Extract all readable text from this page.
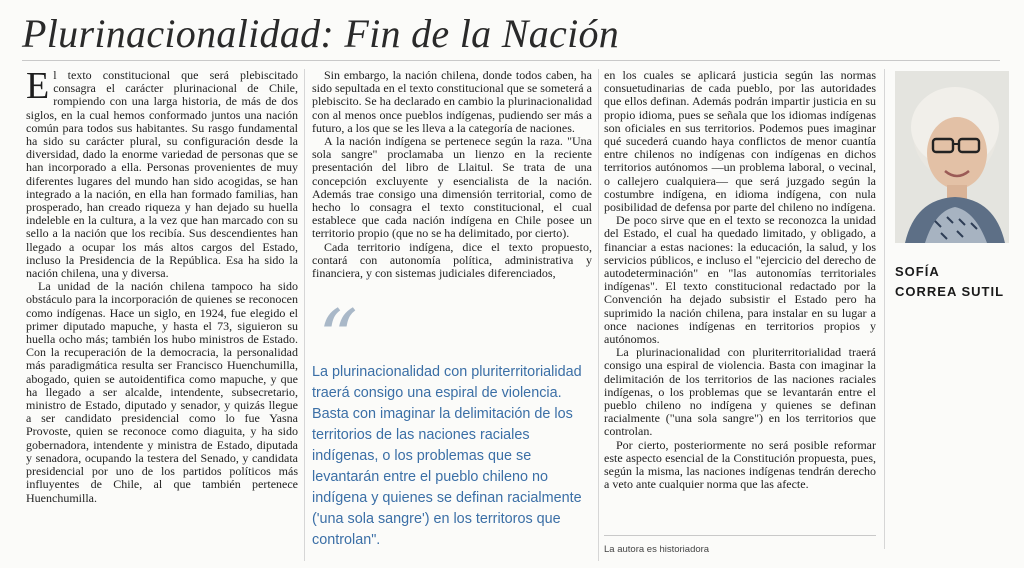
Plurinacionalidad: Fin de la Nación

El texto constitucional que será plebiscitado consagra el carácter plurinacional de Chile, rompiendo con una larga historia, de más de dos siglos, en la cual hemos conformado juntos una nación común para todos sus habitantes. Su rasgo fundamental ha sido su carácter plural, su configuración desde la diversidad, dado la enorme variedad de personas que se han incorporado a ella. Personas provenientes de muy diferentes lugares del mundo han sido acogidas, se han integrado a la nación, en ella han formado familias, han prosperado, han creado riqueza y han dejado su huella indeleble en la cultura, a la vez que han marcado con su sello a la nación que los recibía. Sus descendientes han llegado a ocupar los más altos cargos del Estado, incluso la Presidencia de la República. Esa ha sido la nación chilena, una y diversa.

La unidad de la nación chilena tampoco ha sido obstáculo para la incorporación de quienes se reconocen como indígenas. Hace un siglo, en 1924, fue elegido el primer diputado mapuche, y hasta el 73, siguieron su huella ocho más; también los hubo ministros de Estado. Con la recuperación de la democracia, la personalidad más paradigmática resulta ser Francisco Huenchumilla, abogado, quien se autoidentifica como mapuche, y que ha llegado a ser alcalde, intendente, subsecretario, ministro de Estado, diputado y senador, y quizás llegue a ser candidato presidencial como lo fue Yasna Provoste, quien se reconoce como diaguita, y ha sido gobernadora, intendente y ministra de Estado, diputada y senadora, ocupando la testera del Senado, y candidata presidencial por uno de los partidos políticos más influyentes de Chile, al que también pertenece Huenchumilla.

Sin embargo, la nación chilena, donde todos caben, ha sido sepultada en el texto constitucional que se someterá a plebiscito. Se ha declarado en cambio la plurinacionalidad con al menos once pueblos indígenas, pudiendo ser más a futuro, a los que se les lleva a la categoría de naciones.

A la nación indígena se pertenece según la raza. "Una sola sangre" proclamaba un lienzo en la reciente presentación del libro de Llaitul. Se trata de una concepción excluyente y esencialista de la nación. Además trae consigo una dimensión territorial, como de hecho lo consagra el texto constitucional, el cual establece que cada nación indígena en Chile posee un territorio propio (que no se ha delimitado, por cierto).

Cada territorio indígena, dice el texto propuesto, contará con autonomía política, administrativa y financiera, y con sistemas judiciales diferenciados,

“
La plurinacionalidad con pluriterritorialidad traerá consigo una espiral de violencia. Basta con imaginar la delimitación de los territorios de las naciones raciales indígenas, o los problemas que se levantarán entre el pueblo chileno no indígena y quienes se definan racialmente ('una sola sangre') en los territoros que controlan".

en los cuales se aplicará justicia según las normas consuetudinarias de cada pueblo, por las autoridades que ellos definan. Además podrán impartir justicia en su propio idioma, pues se señala que los idiomas indígenas son oficiales en sus territorios. Podemos pues imaginar qué sucederá cuando haya conflictos de menor cuantía entre chilenos no indígenas con indígenas en dichos territorios autónomos —un problema laboral, o vecinal, o callejero cualquiera— que será juzgado según la costumbre indígena, en idioma indígena, con nula posibilidad de defensa por parte del chileno no indígena.

De poco sirve que en el texto se reconozca la unidad del Estado, el cual ha quedado limitado, y obligado, a financiar a estas naciones: la educación, la salud, y los servicios públicos, e incluso el "ejercicio del derecho de autodeterminación" en "las autonomías territoriales indígenas". El texto constitucional redactado por la Convención ha dejado subsistir el Estado pero ha suprimido la nación chilena, para instalar en su lugar a once naciones indígenas en territorios propios y autónomos.

La plurinacionalidad con pluriterritorialidad traerá consigo una espiral de violencia. Basta con imaginar la delimitación de los territorios de las naciones raciales indígenas, o los problemas que se levantarán entre el pueblo chileno no indígena y quienes se definan racialmente ("una sola sangre") en los territorios que controlan.

Por cierto, posteriormente no será posible reformar este aspecto esencial de la Constitución propuesta, pues, según la misma, las naciones indígenas tendrán derecho a veto ante cualquier norma que las afecte.

La autora es historiadora
SOFÍA
CORREA SUTIL
